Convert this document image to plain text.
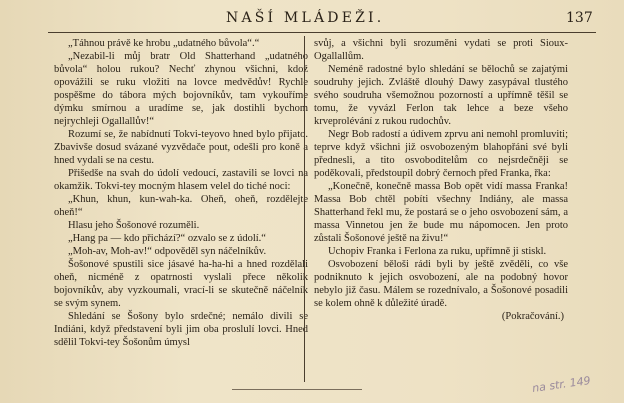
NAŠÍ MLÁDEŽI.	137

„Táhnou právě ke hrobu „udatného bůvola“.“

„Nezabil-li můj bratr Old Shatterhand „udatného bůvola“ holou rukou? Nechť zhynou všichni, kdož opovážili se ruku vložiti na lovce medvědův! Rychle pospěšme do tábora mých bojovníkův, tam vykouříme dýmku smírnou a uradíme se, jak dostihli bychom nejrychleji Ogallallův!“

Rozumí se, že nabídnutí Tokvi-teyovo hned bylo přijato. Zbavivše dosud svázané vyzvědače pout, odešli pro koně a hned vydali se na cestu.

Přišedše na svah do údolí vedoucí, zastavili se lovci na okamžik. Tokvi-tey mocným hlasem velel do tiché noci:

„Khun, khun, kun-wah-ka. Oheň, oheň, rozdělejte oheň!“

Hlasu jeho Šošonové rozuměli.

„Hang pa — kdo přichází?“ ozvalo se z údolí.“

„Moh-av, Moh-av!“ odpověděl syn náčelníkův.

Šošonové spustili sice jásavé ha-ha-hi a hned rozdělali oheň, nicméně z opatrnosti vyslali přece několik bojovníkův, aby vyzkoumali, vrací-li se skutečně náčelník se svým synem.

Shledání se Šošony bylo srdečné; nemálo divili se Indiáni, když představení byli jim oba proslulí lovci. Hned sdělil Tokvi-tey Šošonům úmysl

svůj, a všichni byli srozuměni vydati se proti Sioux-Ogallallům.

Neméně radostné bylo shledání se bělochů se zajatými soudruhy jejich. Zvláště dlouhý Dawy zasypával tlustého svého soudruha všemožnou pozorností a upřímně těšil se tomu, že vyvázl Ferlon tak lehce a beze všeho krveprolévání z rukou rudochův.

Negr Bob radostí a údivem zprvu ani nemohl promluviti; teprve když všichni již osvobozeným blahopřáni své byli přednesli, a tito osvoboditelům co nejsrdečněji se poděkovali, předstoupil dobrý černoch před Franka, řka:

„Konečně, konečně massa Bob opět vidí massa Franka! Massa Bob chtěl pobíti všechny Indiány, ale massa Shatterhand řekl mu, že postará se o jeho osvobození sám, a massa Vinnetou jen že bude mu nápomocen. Jen proto zůstali Šošonové ještě na živu!“

Uchopiv Franka i Ferlona za ruku, upřímně ji stiskl.

Osvobození běloši rádi byli by ještě zvěděli, co vše podniknuto k jejich osvobození, ale na podobný hovor nebylo již času. Málem se rozednívalo, a Šošonové posadili se kolem ohně k důležité úradě.

(Pokračování.)

na str. 149
